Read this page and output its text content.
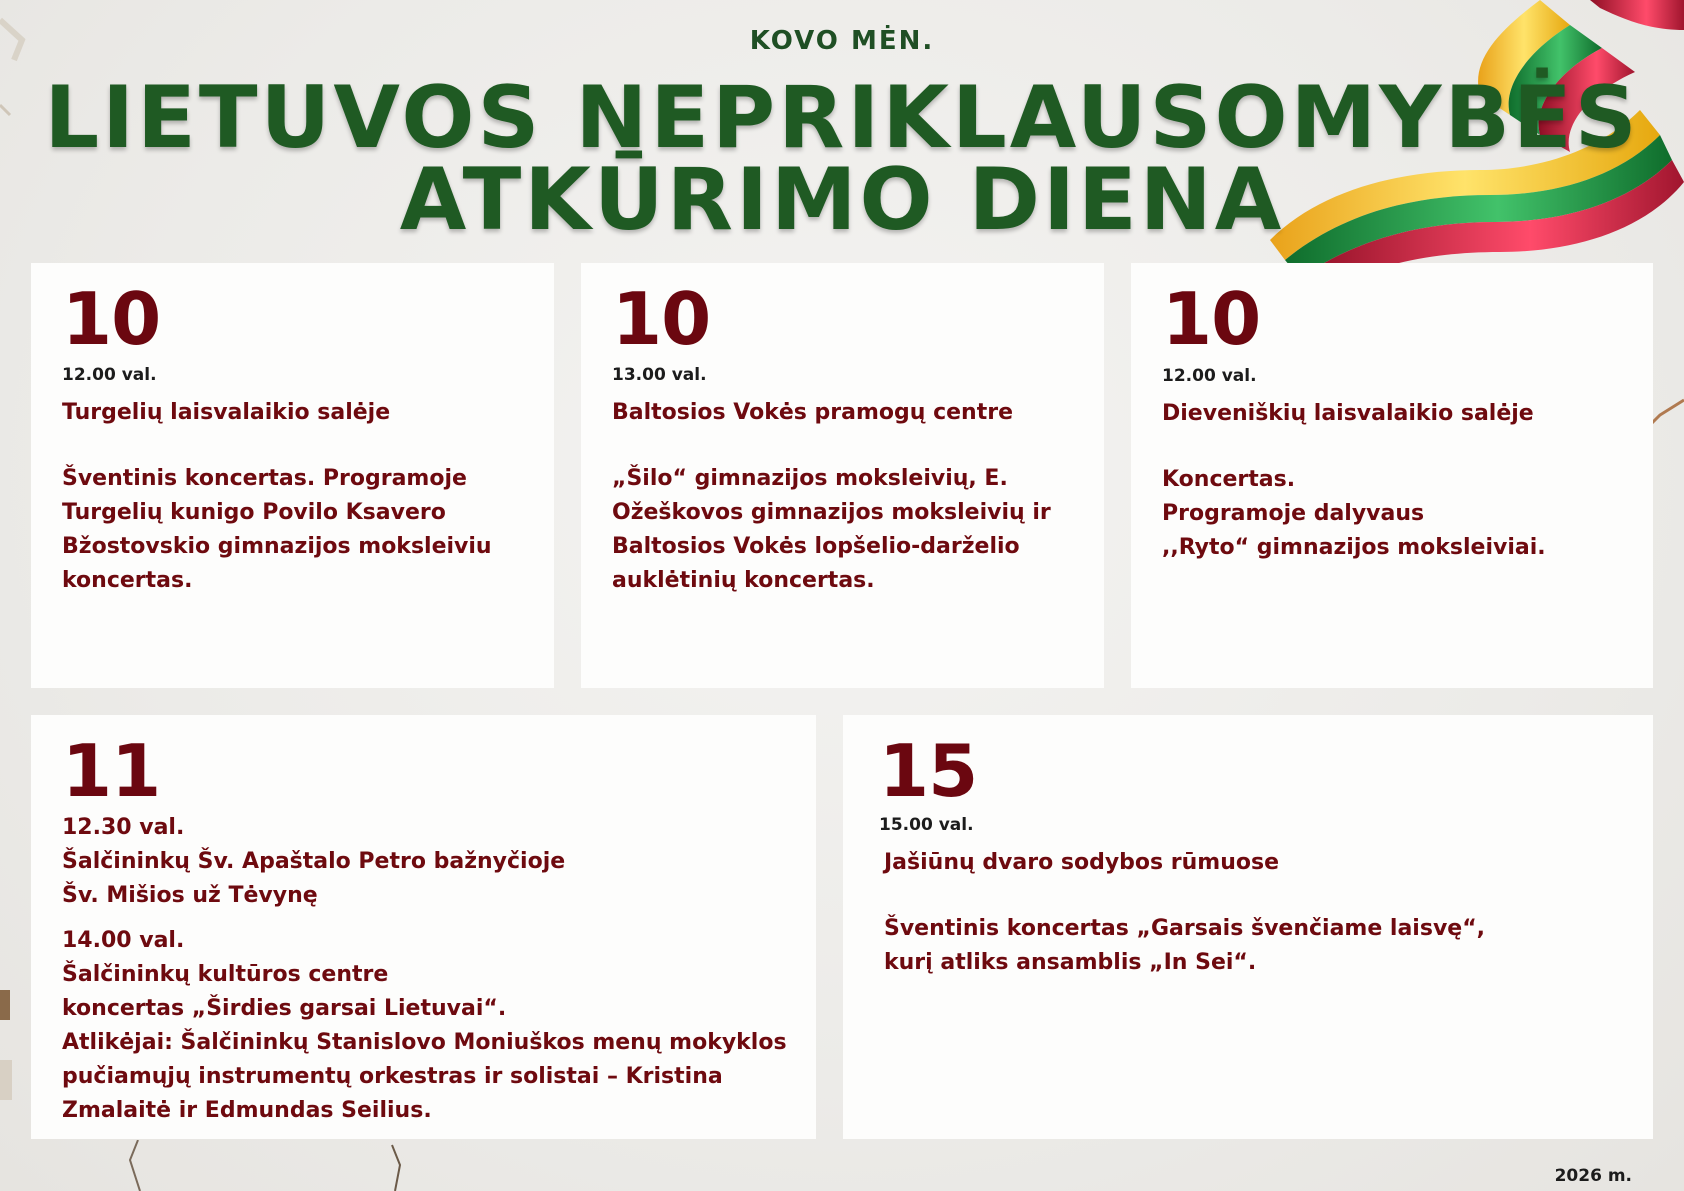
KOVO MĖN.
LIETUVOS NEPRIKLAUSOMYBĖS
ATKŪRIMO DIENA
10
12.00 val.
Turgelių laisvalaikio salėje
Šventinis koncertas. Programoje
Turgelių kunigo Povilo Ksavero
Bžostovskio gimnazijos moksleiviu
koncertas.
10
13.00 val.
Baltosios Vokės pramogų centre
„Šilo“ gimnazijos moksleivių, E.
Ožeškovos gimnazijos moksleivių ir
Baltosios Vokės lopšelio-darželio
auklėtinių koncertas.
10
12.00 val.
Dieveniškių laisvalaikio salėje
Koncertas.
Programoje dalyvaus
,,Ryto“ gimnazijos moksleiviai.
11
12.30 val.
Šalčininkų Šv. Apaštalo Petro bažnyčioje
Šv. Mišios už Tėvynę
14.00 val.
Šalčininkų kultūros centre
koncertas „Širdies garsai Lietuvai“.
Atlikėjai: Šalčininkų Stanislovo Moniuškos menų mokyklos
pučiamųjų instrumentų orkestras ir solistai – Kristina
Zmalaitė ir Edmundas Seilius.
15
15.00 val.
Jašiūnų dvaro sodybos rūmuose
Šventinis koncertas „Garsais švenčiame laisvę“,
kurį atliks ansamblis „In Sei“.
2026 m.
